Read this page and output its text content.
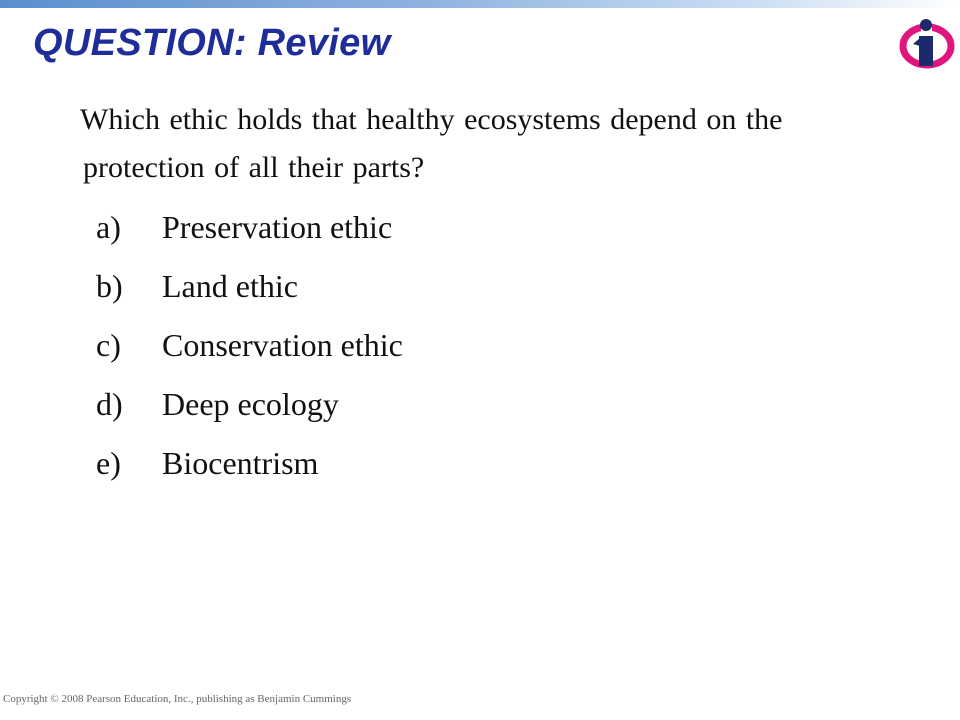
QUESTION: Review

Which ethic holds that healthy ecosystems depend on the
protection of all their parts?

a)	Preservation ethic
b)	Land ethic
c)	Conservation ethic
d)	Deep ecology
e)	Biocentrism
Copyright © 2008 Pearson Education, Inc., publishing as Benjamin Cummings
